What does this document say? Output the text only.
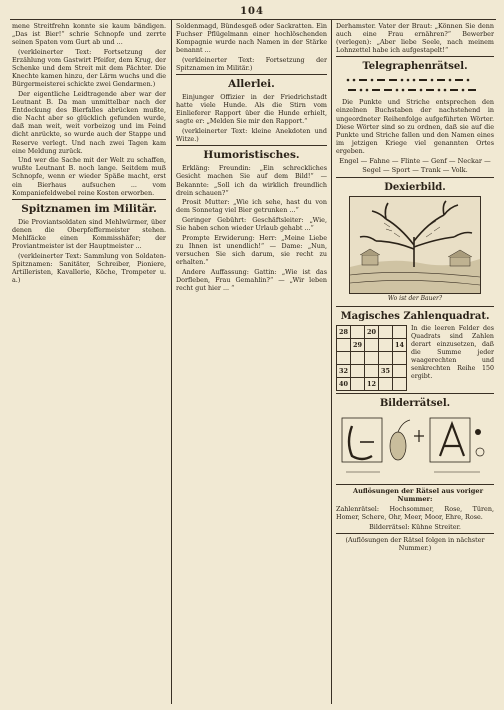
104

mene Streitfrehn konnte sie kaum bändigen. „Das ist Bier!“ schrie Schnopfe und zerrte seinen Spaten vom Gurt ab und ...

(verkleinerter Text: Fortsetzung der Erzählung vom Gastwirt Pfeifer, dem Krug, der Schenke und dem Streit mit dem Pächter. Die Knechte kamen hinzu, der Lärm wuchs und die Bürgermeisterei schickte zwei Gendarmen.)

Der eigentliche Leidtragende aber war der Leutnant B. Da man unmittelbar nach der Entdeckung des Bierfalles abrücken mußte, die Nacht aber so glücklich gefunden wurde, daß man weit, weit vorbeizog und im Feind dicht anrückte, so wurde auch der Stappe und Reserve verlegt. Und nach zwei Tagen kam eine Meldung zurück.

Und wer die Sache mit der Welt zu schaffen, wußte Leutnant B. noch lange. Seitdem muß Schnopfe, wenn er wieder Späße macht, erst ein Bierhaus aufsuchen ... vom Kompaniefeldwebel reine Kosten erworben.

Spitznamen im Militär.

Die Proviantsoldaten sind Mehlwürmer, über denen die Oberpfeffermeister stehen. Mehlfäcke einen Kommisshäfer; der Proviantmeister ist der Hauptmeister ...

(verkleinerter Text: Sammlung von Soldaten-Spitznamen: Sanitäter, Schreiber, Pioniere, Artilleristen, Kavallerie, Köche, Trompeter u. a.)

Soldenmagd, Bündesgeß oder Sackratten. Ein Fuchser Pflügelmann einer hochlöschenden Kompagnie wurde nach Namen in der Stärke benannt ...

(verkleinerter Text: Fortsetzung der Spitznamen im Militär.)

Allerlei.

Einjunger Offizier in der Friedrichstadt hatte viele Hunde. Als die Stirn vom Einlieferer Rapport über die Hunde erhielt, sagte er: „Melden Sie mir den Rapport.“

(verkleinerter Text: kleine Anekdoten und Witze.)

Humoristisches.

Erkläng: Freundin: „Ein schreckliches Gesicht machen Sie auf dem Bild!“ — Bekannte: „Soll ich da wirklich freundlich drein schauen?“

Prosit Mutter: „Wie ich sehe, hast du von dem Sonnetag viel Bier getrunken ...“

Geringer Gebührt: Geschäftsleiter: „Wie, Sie haben schon wieder Urlaub gehabt ...“

Prompte Erwiderung: Herr: „Meine Liebe zu Ihnen ist unendlich!“ — Dame: „Nun, versuchen Sie sich darum, sie recht zu erhalten.“

Andere Auffassung: Gattin: „Wie ist das Dorfleben, Frau Gemahlin?“ — „Wir leben recht gut hier ... “

Derhamster. Vater der Braut: „Können Sie denn auch eine Frau ernähren?“ Bewerber (verlegen): „Aber liebe Seele, nach meinem Lohnzettel habe ich aufgestapelt!“

Telegraphenrätsel.

Die Punkte und Striche entsprechen den einzelnen Buchstaben der nachstehend in ungeordneter Reihenfolge aufgeführten Wörter. Diese Wörter sind so zu ordnen, daß sie auf die Punkte und Striche fallen und den Namen eines im jetzigen Kriege viel genannten Ortes ergeben.

Engel — Fahne — Flinte — Genf — Neckar —
Segel — Sport — Trank — Volk.
Dexierbild.
Wo ist der Bauer?
Magisches Zahlenquadrat.
28		20		
	29			14

32			35	
40		12		
In die leeren Felder des Quadrats sind Zahlen derart einzusetzen, daß die Summe jeder waagerechten und senkrechten Reihe 150 ergibt.
Bilderrätsel.

Auflösungen der Rätsel aus voriger Nummer:

Zahlenrätsel: Hochsommer, Rose, Türen, Homer, Schere, Ohr, Meer, Moor, Ehre, Rose.

Bilderrätsel: Kühne Streiter.

(Auflösungen der Rätsel folgen in nächster Nummer.)
